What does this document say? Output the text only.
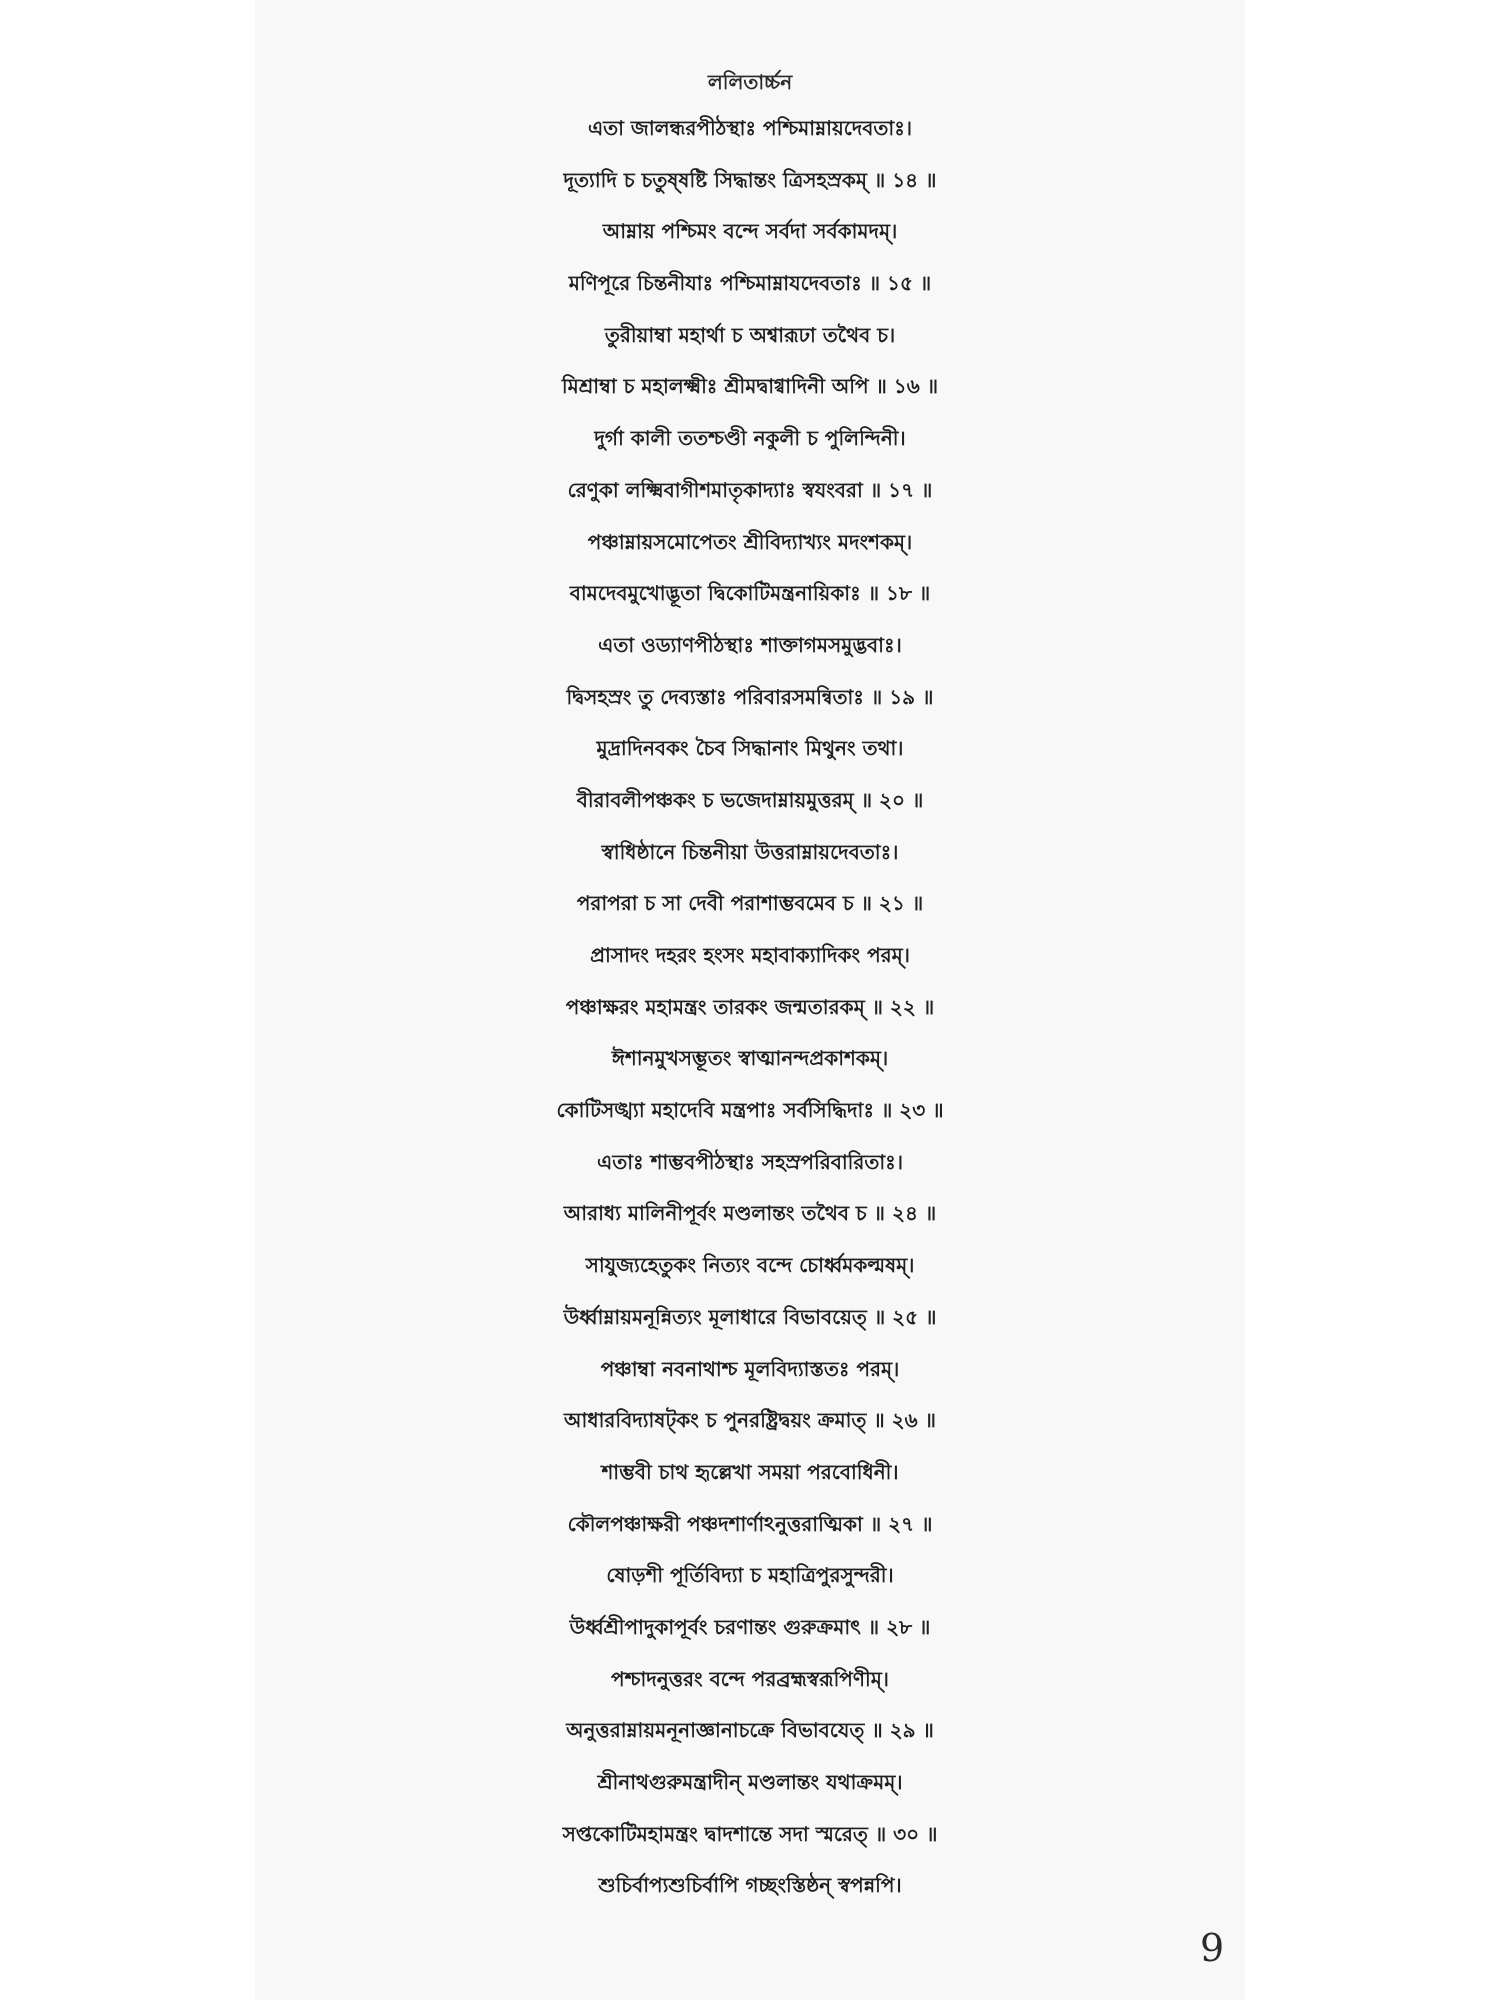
ললিতার্চ্চন
এতা জালন্ধরপীঠস্থাঃ পশ্চিমাম্নায়দেবতাঃ।
দূত্যাদি চ চতুষ্ষষ্টি সিদ্ধান্তং ত্রিসহস্রকম্ ॥ ১৪ ॥
আম্নায় পশ্চিমং বন্দে সর্বদা সর্বকামদম্।
মণিপূরে চিন্তনীযাঃ পশ্চিমাম্নাযদেবতাঃ ॥ ১৫ ॥
তুরীয়াম্বা মহার্থা চ অশ্বারূঢা তথৈব চ।
মিশ্রাম্বা চ মহালক্ষ্মীঃ শ্রীমদ্বাগ্বাদিনী অপি ॥ ১৬ ॥
দুর্গা কালী ততশ্চণ্ডী নকুলী চ পুলিন্দিনী।
রেণুকা লক্ষ্মিবাগীশমাতৃকাদ্যাঃ স্বযংবরা ॥ ১৭ ॥
পঞ্চাম্নায়সমোপেতং শ্রীবিদ্যাখ্যং মদংশকম্।
বামদেবমুখোদ্ভূতা দ্বিকোটিমন্ত্রনায়িকাঃ ॥ ১৮ ॥
এতা ওড্যাণপীঠস্থাঃ শাক্তাগমসমুদ্ভবাঃ।
দ্বিসহস্রং তু দেব্যস্তাঃ পরিবারসমন্বিতাঃ ॥ ১৯ ॥
মুদ্রাদিনবকং চৈব সিদ্ধানাং মিথুনং তথা।
বীরাবলীপঞ্চকং চ ভজেদাম্নায়মুত্তরম্ ॥ ২০ ॥
স্বাধিষ্ঠানে চিন্তনীয়া উত্তরাম্নায়দেবতাঃ।
পরাপরা চ সা দেবী পরাশাম্ভবমেব চ ॥ ২১ ॥
প্রাসাদং দহরং হংসং মহাবাক্যাদিকং পরম্।
পঞ্চাক্ষরং মহামন্ত্রং তারকং জন্মতারকম্ ॥ ২২ ॥
ঈশানমুখসম্ভূতং স্বাত্মানন্দপ্রকাশকম্।
কোটিসঙ্খ্যা মহাদেবি মন্ত্রপাঃ সর্বসিদ্ধিদাঃ ॥ ২৩ ॥
এতাঃ শাম্ভবপীঠস্থাঃ সহস্রপরিবারিতাঃ।
আরাধ্য মালিনীপূর্বং মণ্ডলান্তং তথৈব চ ॥ ২৪ ॥
সাযুজ্যহেতুকং নিত্যং বন্দে চোর্ধ্বমকল্মষম্।
উর্ধ্বাম্নায়মনূন্নিত্যং মূলাধারে বিভাবয়েত্ ॥ ২৫ ॥
পঞ্চাম্বা নবনাথাশ্চ মূলবিদ্যাস্ততঃ পরম্।
আধারবিদ্যাষট্কং চ পুনরষ্ট্রিদ্বয়ং ক্রমাত্ ॥ ২৬ ॥
শাম্ভবী চাথ হৃল্লেখা সময়া পরবোধিনী।
কৌলপঞ্চাক্ষরী পঞ্চদশার্ণাঽনুত্তরাত্মিকা ॥ ২৭ ॥
ষোড়শী পূর্তিবিদ্যা চ মহাত্রিপুরসুন্দরী।
উর্ধ্বশ্রীপাদুকাপূর্বং চরণান্তং গুরুক্রমাৎ ॥ ২৮ ॥
পশ্চাদনুত্তরং বন্দে পরব্রহ্মস্বরূপিণীম্।
অনুত্তরাম্নায়মনূনাজ্ঞানাচক্রে বিভাবযেত্ ॥ ২৯ ॥
শ্রীনাথগুরুমন্ত্রাদীন্ মণ্ডলান্তং যথাক্রমম্।
সপ্তকোটিমহামন্ত্রং দ্বাদশান্তে সদা স্মরেত্ ॥ ৩০ ॥
শুচির্বাপ্যশুচির্বাপি গচ্ছংস্তিষ্ঠন্ স্বপন্নপি।
9
